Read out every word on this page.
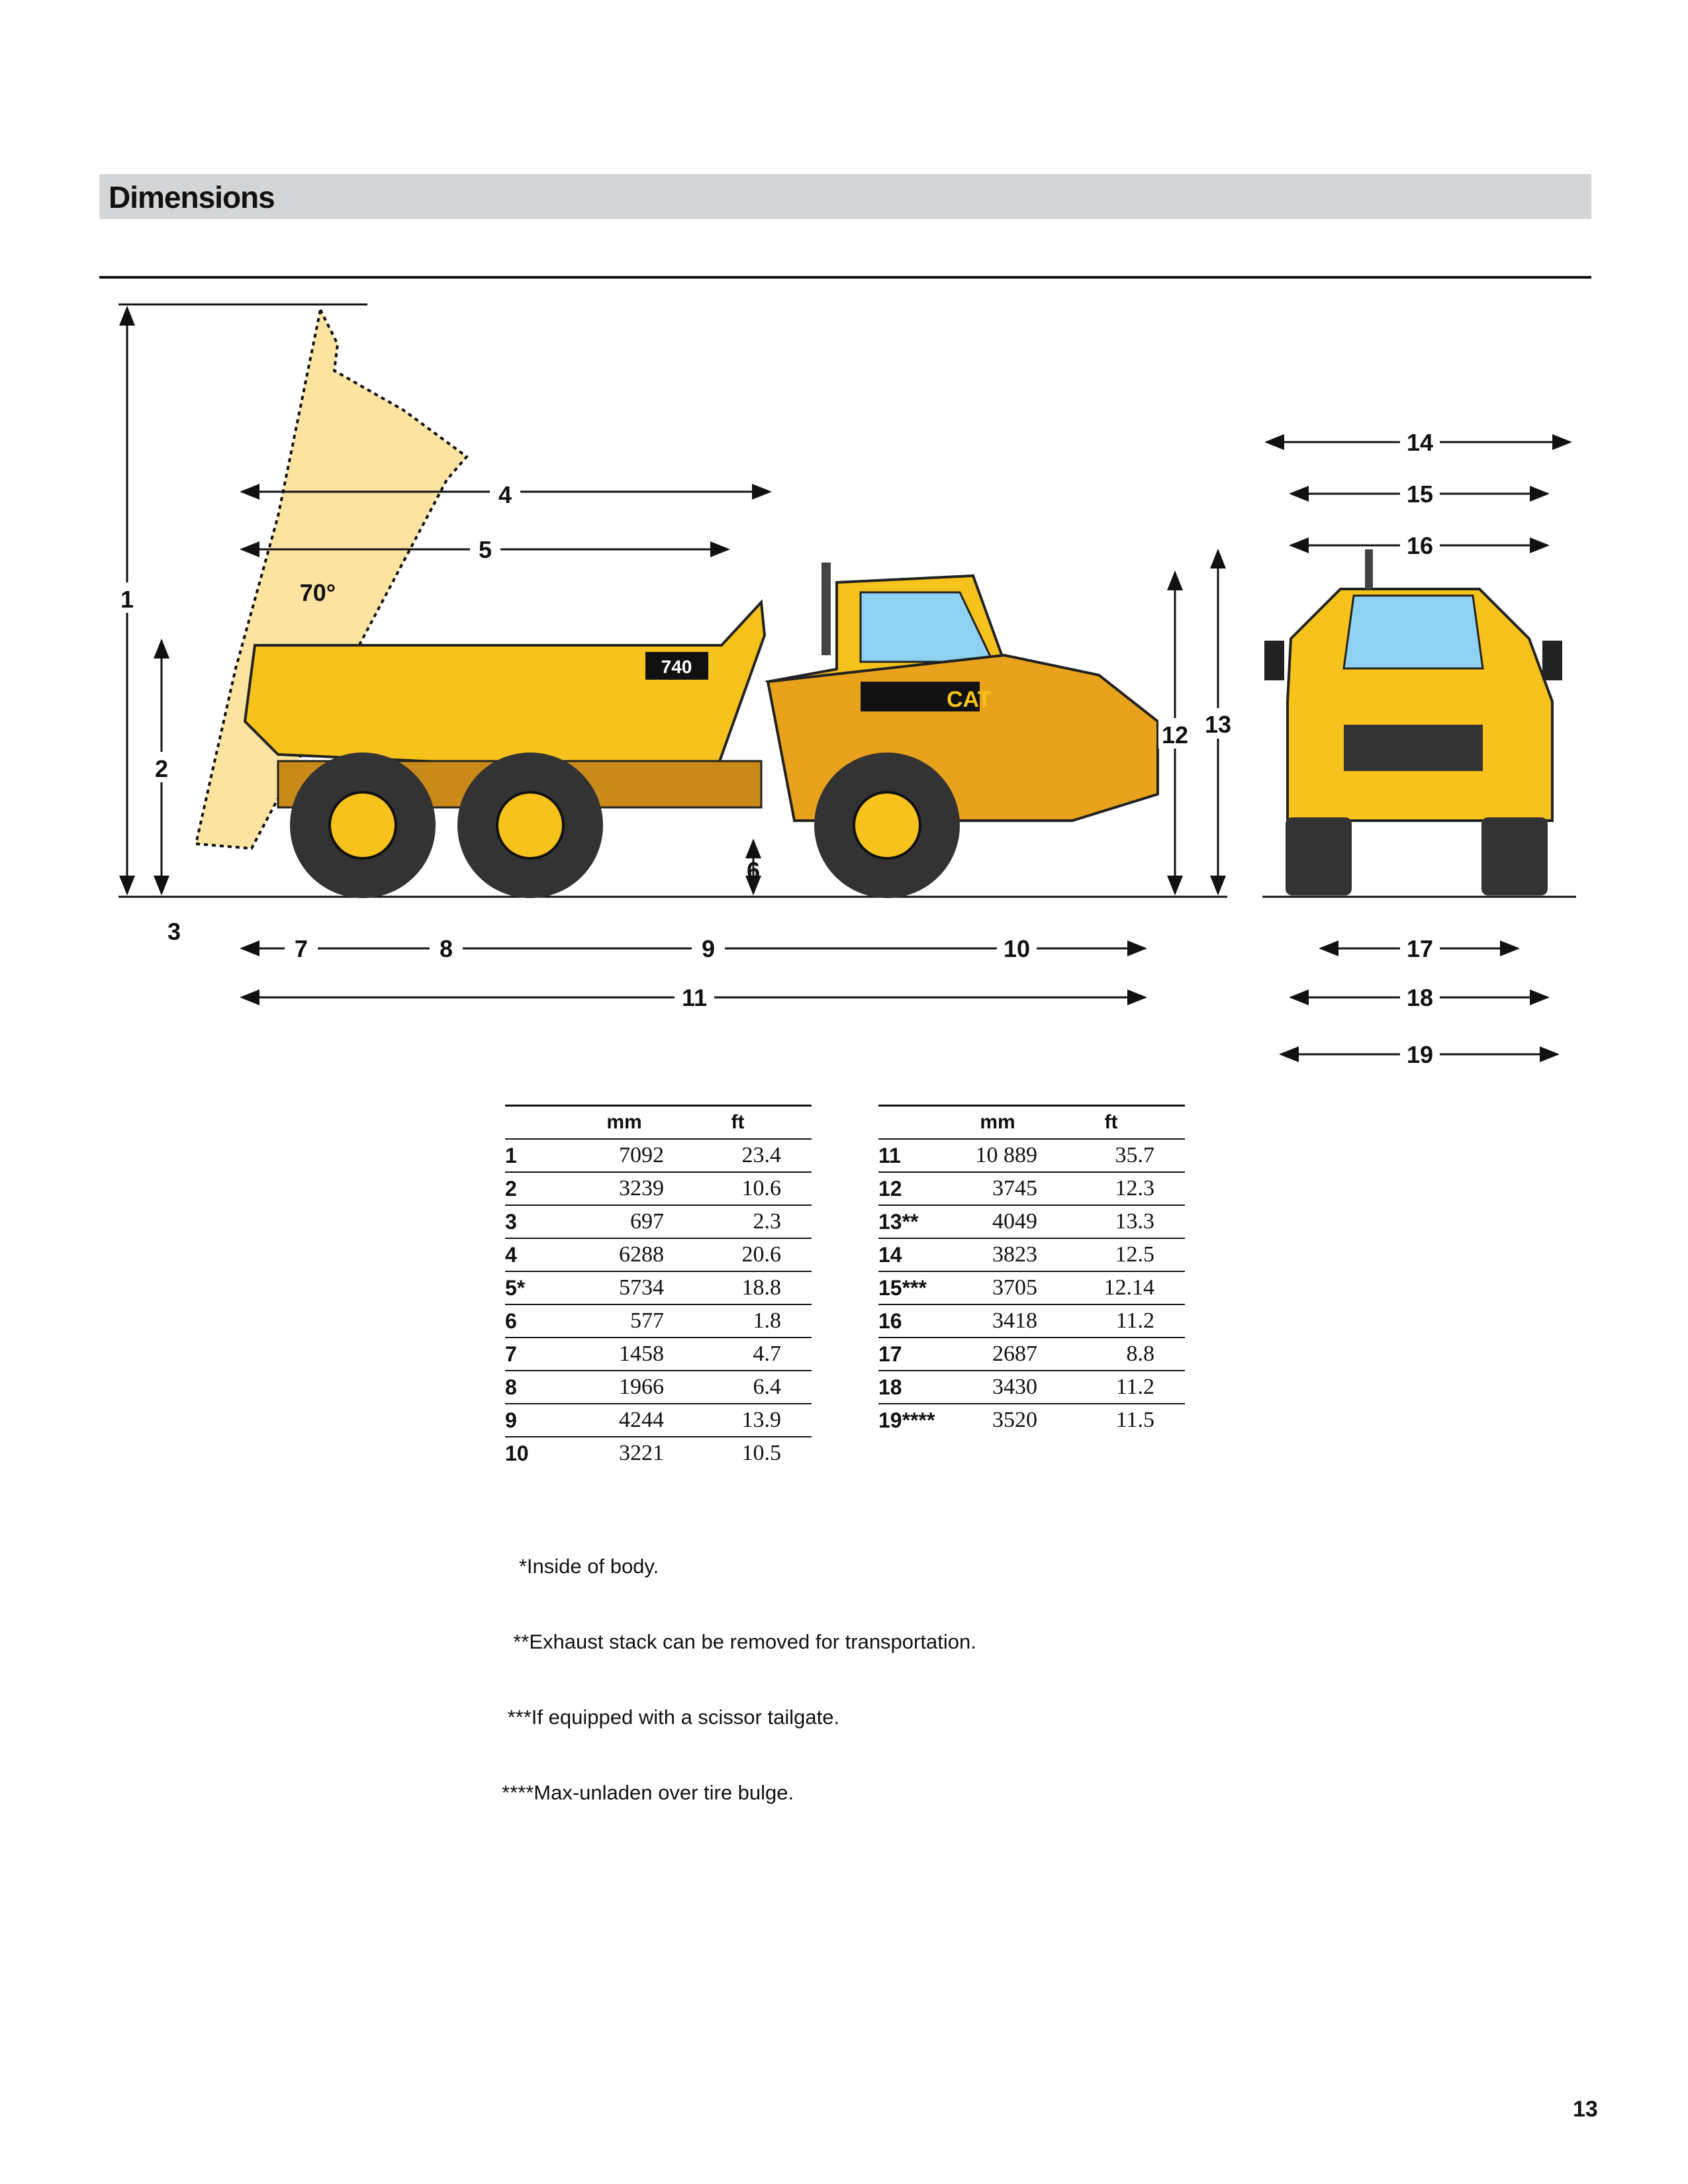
Dimensions
740
CAT
1
2
3
4
5
6
7	8	9	10
11
12 13
14
15
16
17
18
19
70°
	mm	ft
1	7092	23.4
2	3239	10.6
3	697	2.3
4	6288	20.6
5*	5734	18.8
6	577	1.8
7	1458	4.7
8	1966	6.4
9	4244	13.9
10	3221	10.5
	mm	ft
11	10 889	35.7
12	3745	12.3
13**	4049	13.3
14	3823	12.5
15***	3705	12.14
16	3418	11.2
17	2687	8.8
18	3430	11.2
19****	3520	11.5

*Inside of body.

**Exhaust stack can be removed for transportation.

***If equipped with a scissor tailgate.

****Max-unladen over tire bulge.

13
